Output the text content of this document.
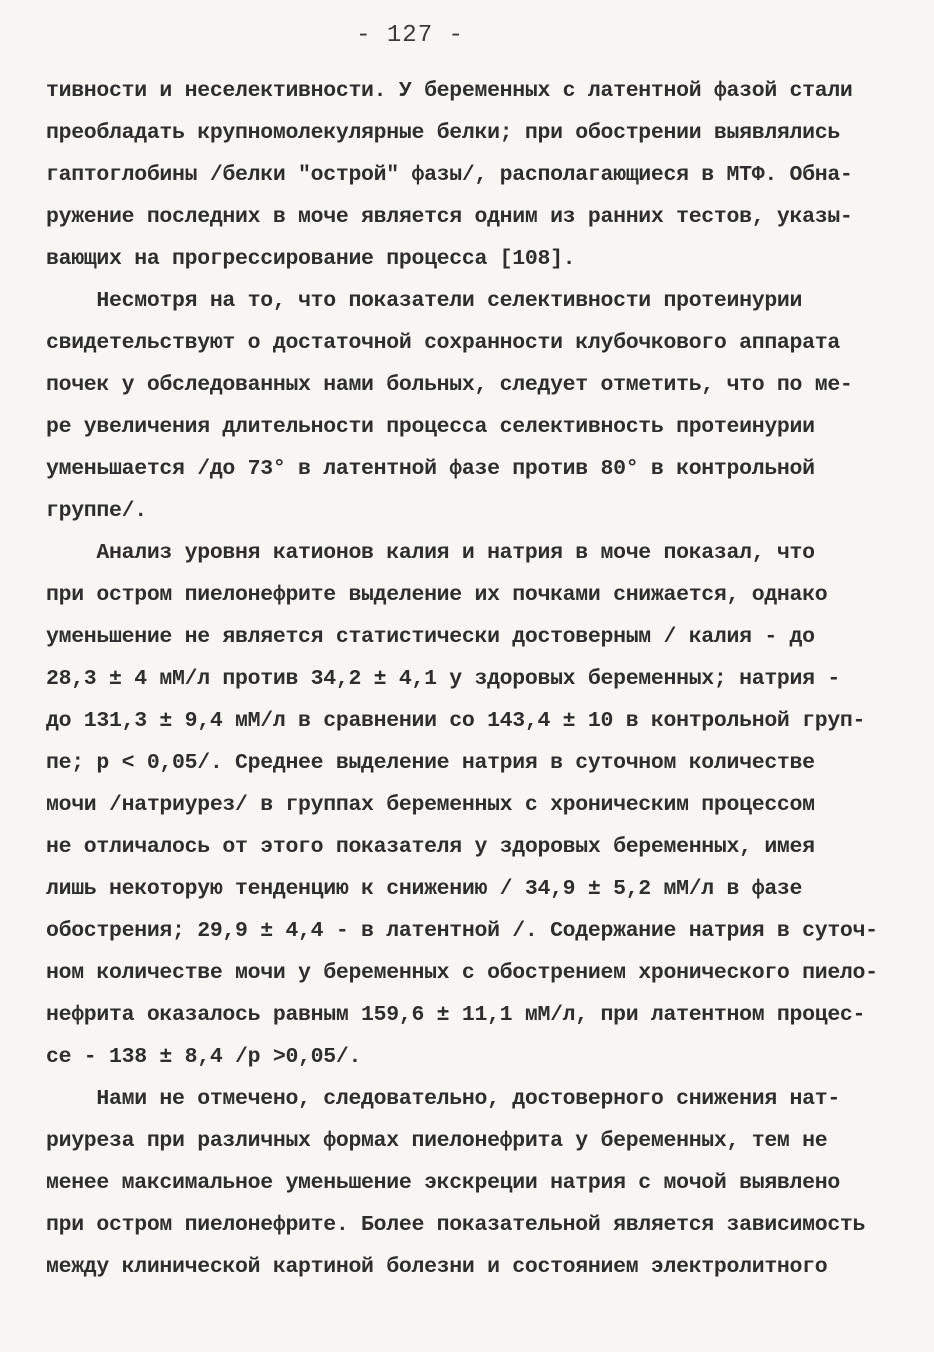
- 127 -
тивности и неселективности. У беременных с латентной фазой стали
преобладать крупномолекулярные белки; при обострении выявлялись
гаптоглобины /белки "острой" фазы/, располагающиеся в МТФ. Обна-
ружение последних в моче является одним из ранних тестов, указы-
вающих на прогрессирование процесса [108].
Несмотря на то, что показатели селективности протеинурии
свидетельствуют о достаточной сохранности клубочкового аппарата
почек у обследованных нами больных, следует отметить, что по ме-
ре увеличения длительности процесса селективность протеинурии
уменьшается /до 73° в латентной фазе против 80° в контрольной
группе/.
Анализ уровня катионов калия и натрия в моче показал, что
при остром пиелонефрите выделение их почками снижается, однако
уменьшение не является статистически достоверным / калия - до
28,3 ± 4 мМ/л против 34,2 ± 4,1 у здоровых беременных; натрия -
до 131,3 ± 9,4 мМ/л в сравнении со 143,4 ± 10 в контрольной груп-
пе; р < 0,05/. Среднее выделение натрия в суточном количестве
мочи /натриурез/ в группах беременных с хроническим процессом
не отличалось от этого показателя у здоровых беременных, имея
лишь некоторую тенденцию к снижению / 34,9 ± 5,2 мМ/л в фазе
обострения; 29,9 ± 4,4 - в латентной /. Содержание натрия в суточ-
ном количестве мочи у беременных с обострением хронического пиело-
нефрита оказалось равным 159,6 ± 11,1 мМ/л, при латентном процес-
се - 138 ± 8,4 /р >0,05/.
Нами не отмечено, следовательно, достоверного снижения нат-
риуреза при различных формах пиелонефрита у беременных, тем не
менее максимальное уменьшение экскреции натрия с мочой выявлено
при остром пиелонефрите. Более показательной является зависимость
между клинической картиной болезни и состоянием электролитного
